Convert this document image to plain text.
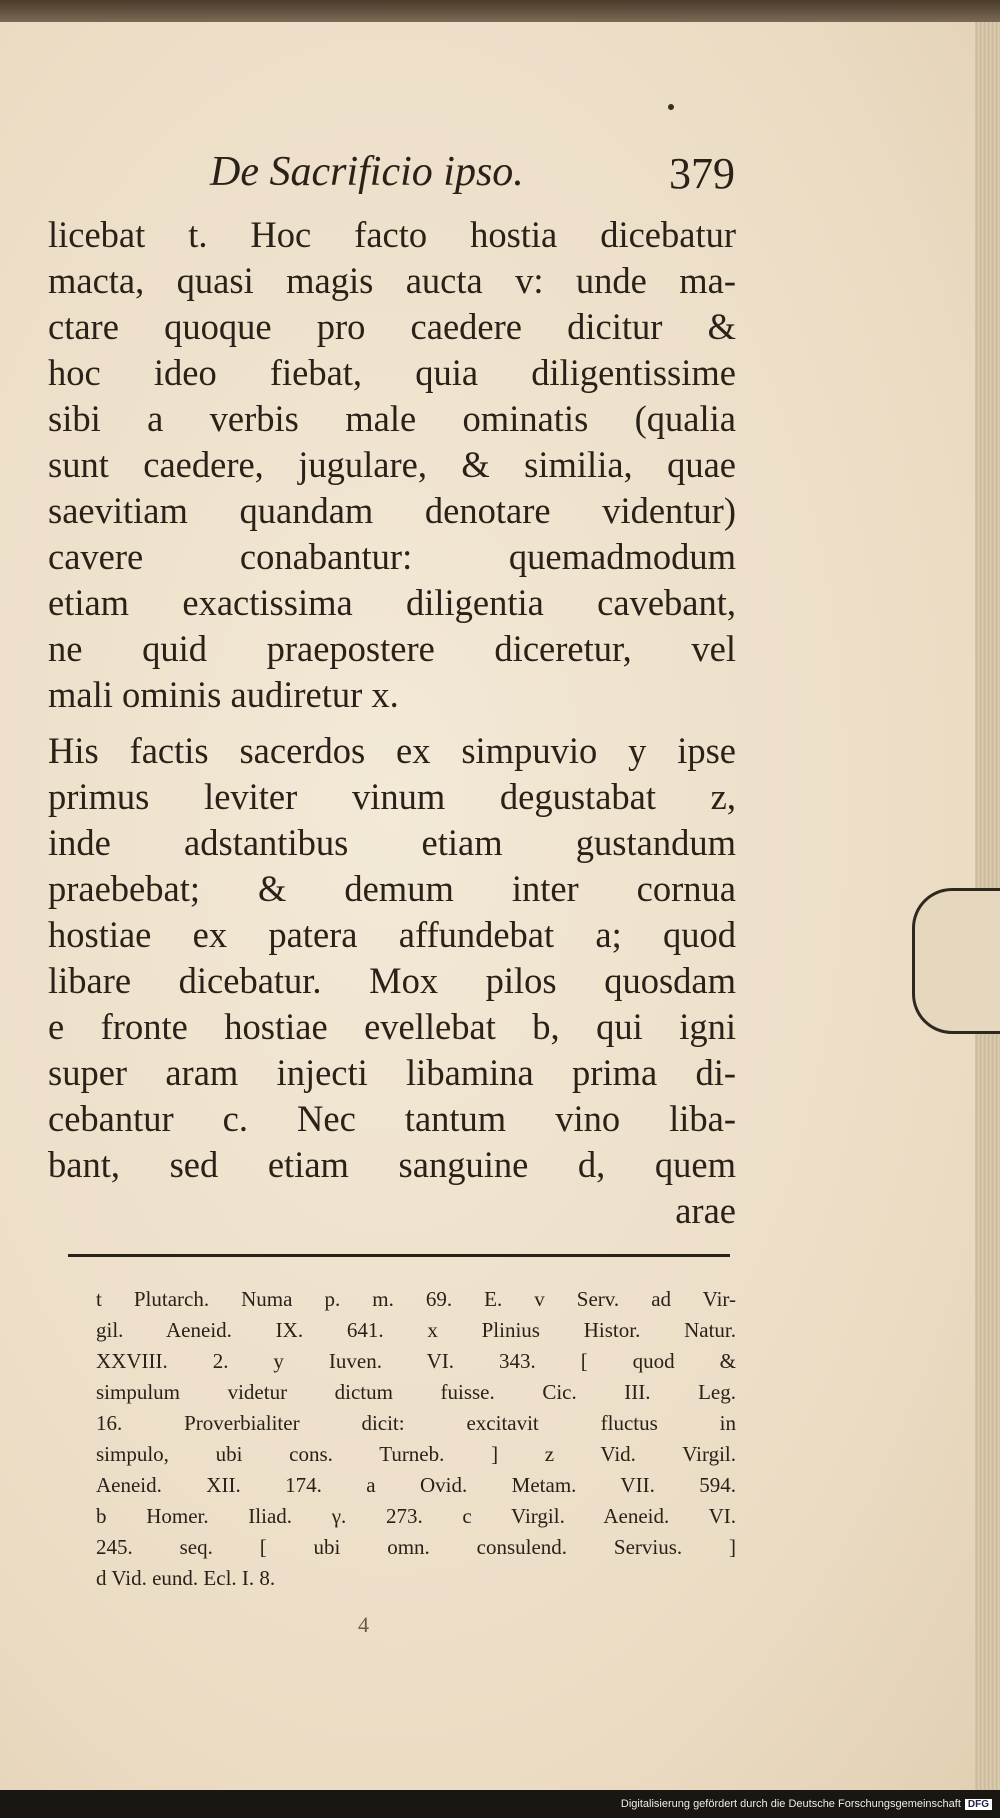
De Sacrificio ipso.	379
licebat t. Hoc facto hostia dicebatur
macta, quasi magis aucta v: unde ma-
ctare quoque pro caedere dicitur &
hoc ideo fiebat, quia diligentissime
sibi a verbis male ominatis (qualia
sunt caedere, jugulare, & similia, quae
saevitiam quandam denotare videntur)
cavere conabantur: quemadmodum
etiam exactissima diligentia cavebant,
ne quid praepostere diceretur, vel
mali ominis audiretur x.
His factis sacerdos ex simpuvio y ipse
primus leviter vinum degustabat z,
inde adstantibus etiam gustandum
praebebat; & demum inter cornua
hostiae ex patera affundebat a; quod
libare dicebatur. Mox pilos quosdam
e fronte hostiae evellebat b, qui igni
super aram injecti libamina prima di-
cebantur c. Nec tantum vino liba-
bant, sed etiam sanguine d, quem
arae
t Plutarch. Numa p. m. 69. E. v Serv. ad Vir-
gil. Aeneid. IX. 641. x Plinius Histor. Natur.
XXVIII. 2. y Iuven. VI. 343. [ quod &
simpulum videtur dictum fuisse. Cic. III. Leg.
16. Proverbialiter dicit: excitavit fluctus in
simpulo, ubi cons. Turneb. ] z Vid. Virgil.
Aeneid. XII. 174. a Ovid. Metam. VII. 594.
b Homer. Iliad. γ. 273. c Virgil. Aeneid. VI.
245. seq. [ ubi omn. consulend. Servius. ]
d Vid. eund. Ecl. I. 8.
4
Digitalisierung gefördert durch die Deutsche Forschungsgemeinschaft DFG
